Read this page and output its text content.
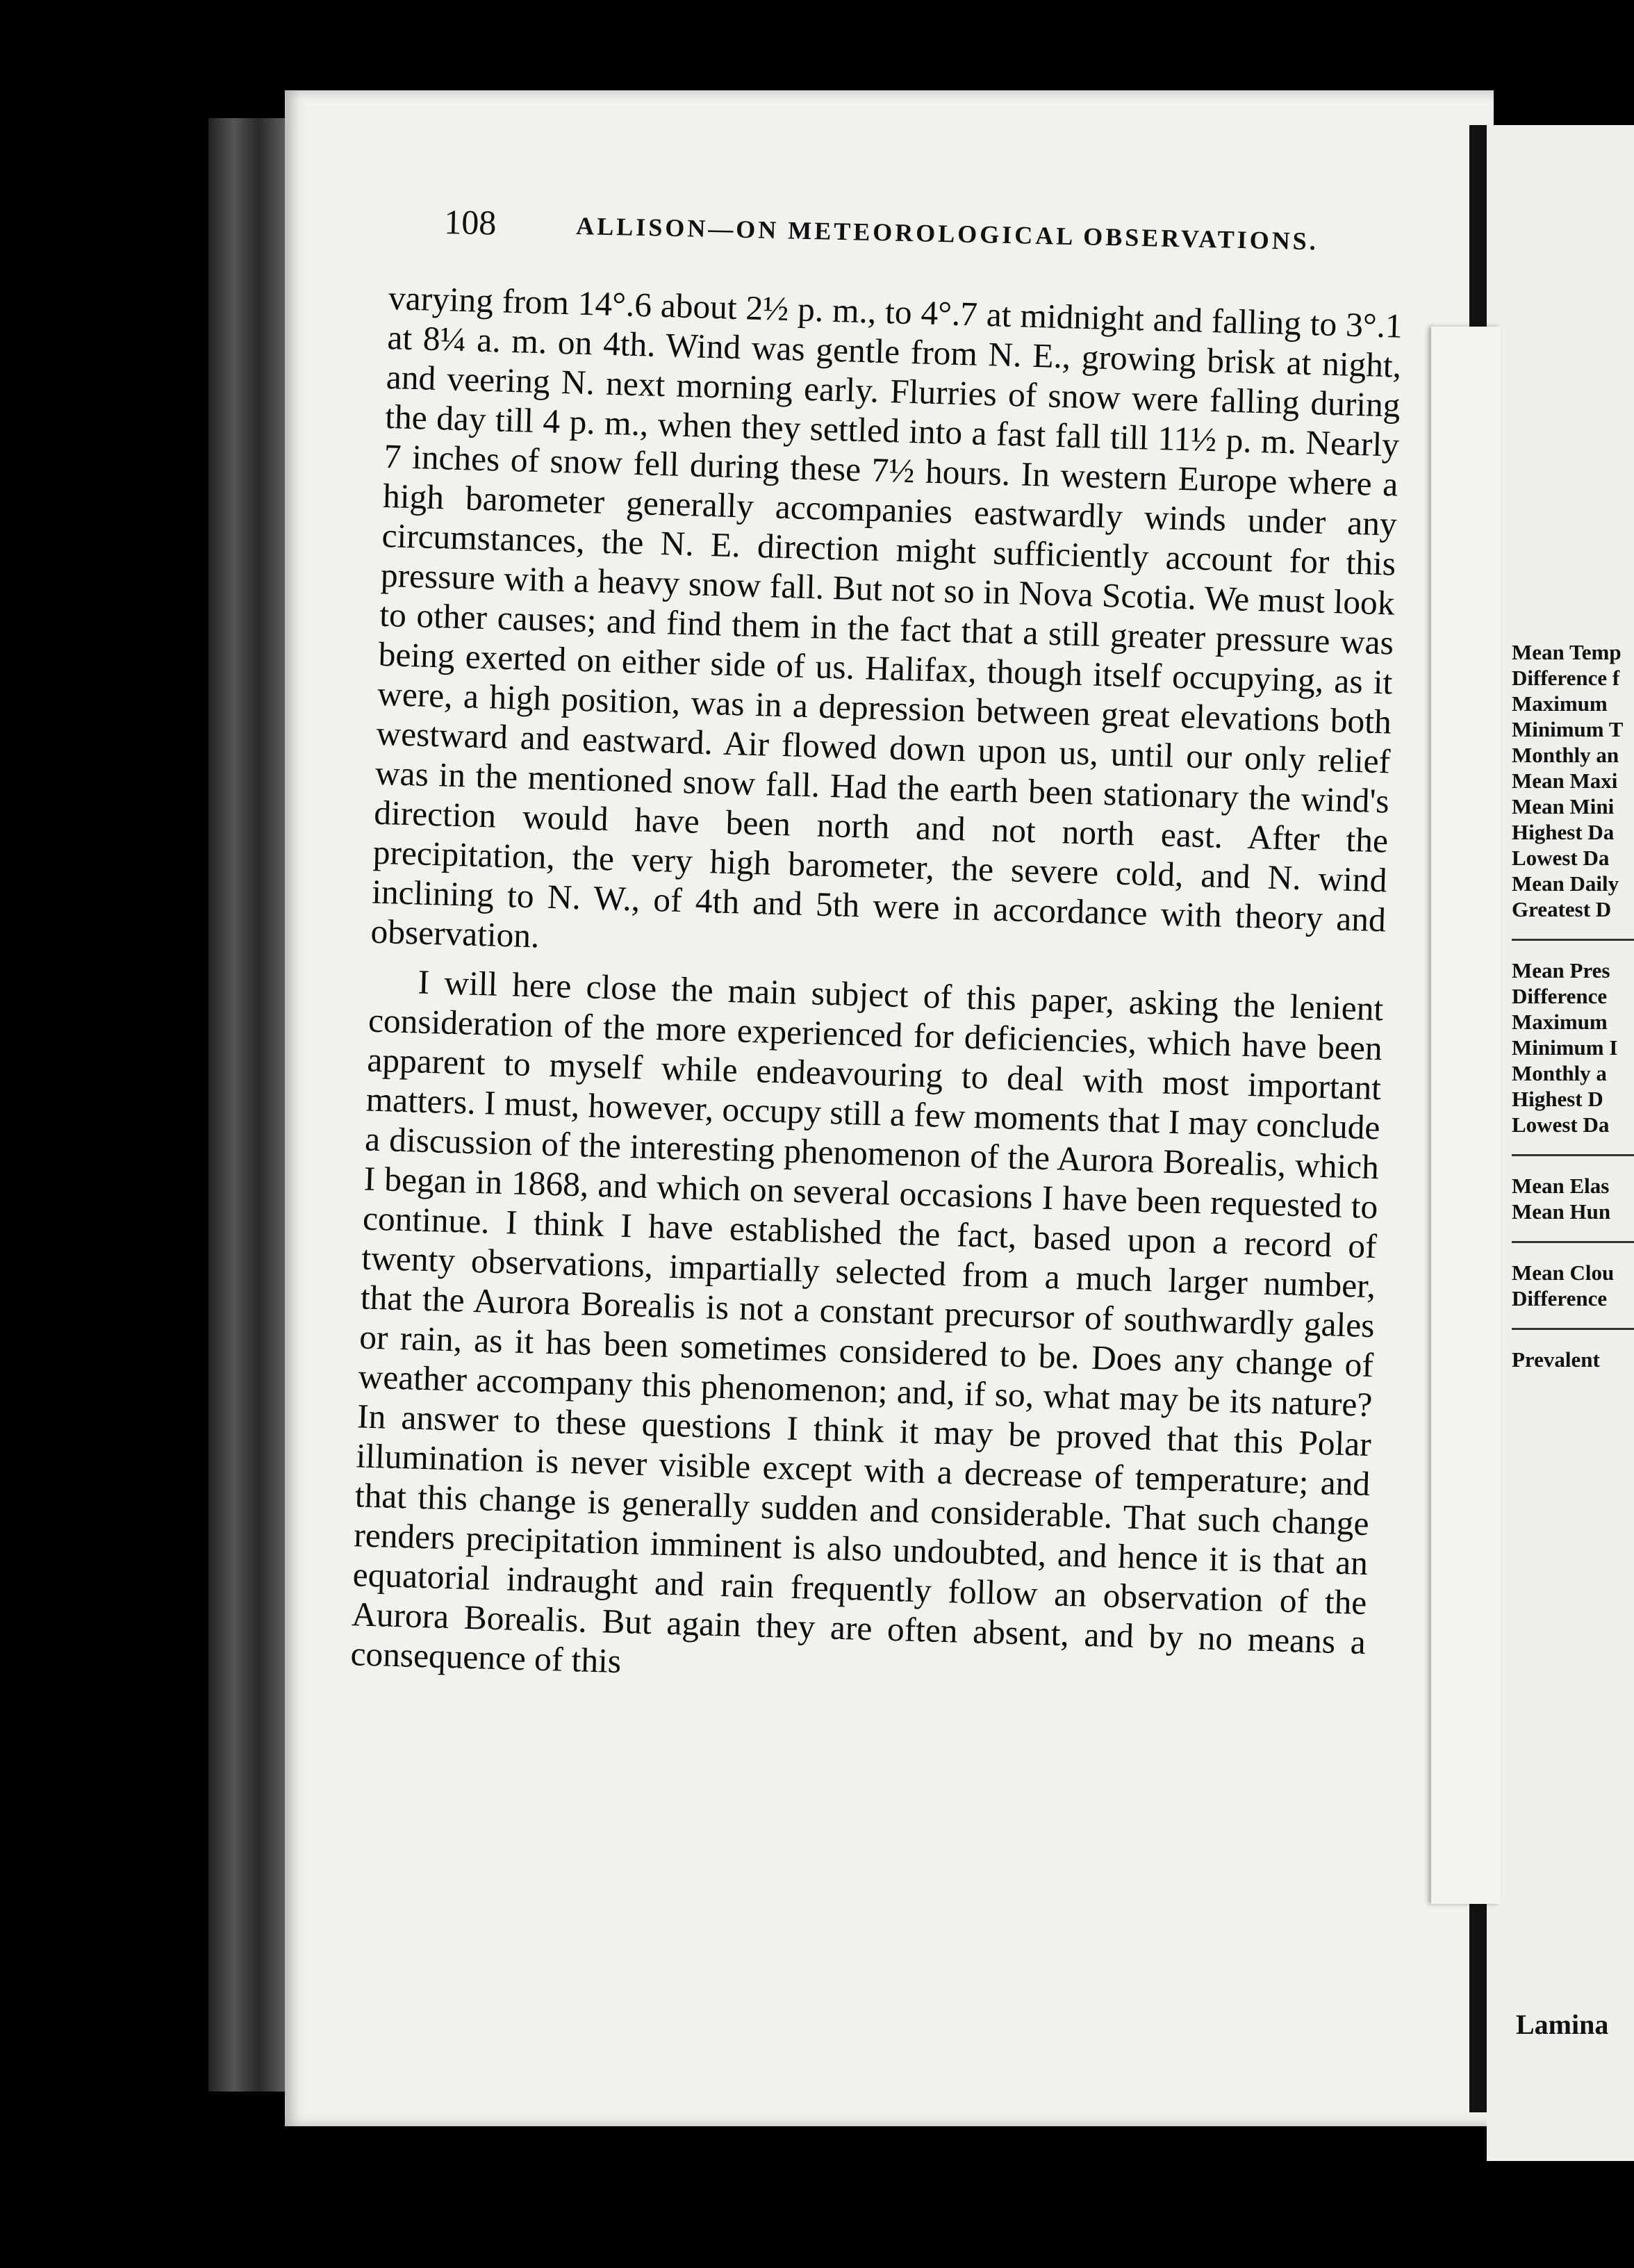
Mean Temp
Difference f
Maximum
Minimum T
Monthly an
Mean Maxi
Mean Mini
Highest Da
Lowest Da
Mean Daily
Greatest D
Mean Pres
Difference
Maximum
Minimum I
Monthly a
Highest D
Lowest Da
Mean Elas
Mean Hun
Mean Clou
Difference
Prevalent
Lamina
108	ALLISON—ON METEOROLOGICAL OBSERVATIONS.

varying from 14°.6 about 2½ p. m., to 4°.7 at midnight and falling to 3°.1 at 8¼ a. m. on 4th. Wind was gentle from N. E., growing brisk at night, and veering N. next morning early. Flurries of snow were falling during the day till 4 p. m., when they settled into a fast fall till 11½ p. m. Nearly 7 inches of snow fell during these 7½ hours. In western Europe where a high barometer generally accompanies eastwardly winds under any circumstances, the N. E. direction might sufficiently account for this pressure with a heavy snow fall. But not so in Nova Scotia. We must look to other causes; and find them in the fact that a still greater pressure was being exerted on either side of us. Halifax, though itself occupying, as it were, a high position, was in a depression between great elevations both westward and eastward. Air flowed down upon us, until our only relief was in the mentioned snow fall. Had the earth been stationary the wind's direction would have been north and not north east. After the precipitation, the very high barometer, the severe cold, and N. wind inclining to N. W., of 4th and 5th were in accordance with theory and observation.

I will here close the main subject of this paper, asking the lenient consideration of the more experienced for deficiencies, which have been apparent to myself while endeavouring to deal with most important matters. I must, however, occupy still a few moments that I may conclude a discussion of the interesting phenomenon of the Aurora Borealis, which I began in 1868, and which on several occasions I have been requested to continue. I think I have established the fact, based upon a record of twenty observations, impartially selected from a much larger number, that the Aurora Borealis is not a constant precursor of southwardly gales or rain, as it has been sometimes considered to be. Does any change of weather accompany this phenomenon; and, if so, what may be its nature? In answer to these questions I think it may be proved that this Polar illumination is never visible except with a decrease of temperature; and that this change is generally sudden and considerable. That such change renders precipitation imminent is also undoubted, and hence it is that an equatorial indraught and rain frequently follow an observation of the Aurora Borealis. But again they are often absent, and by no means a consequence of this
